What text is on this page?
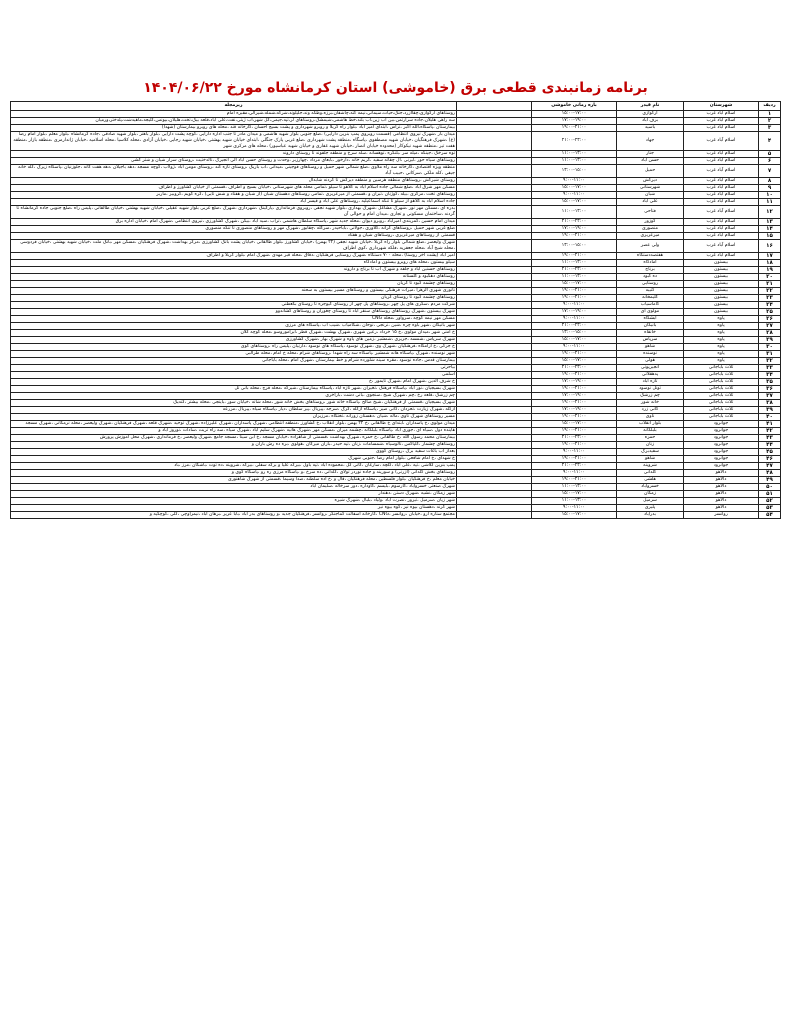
برنامه زمانبندی قطعی برق (خاموشی) استان کرمانشاه مورخ ۱۴۰۴/۰۶/۲۲
ردیف	شهرستان	نام فیدر	بازه زمانی خاموشی		زیرمجله
۱	اسلام آباد غرب	ارکوازی	۱۵:۰۰-۱۷:۰۰		روستاهای ارکوازی،چقاازرد،جنگ،حیات،سیمانی،نیمه کته،چاشفان،برزه،وظگه وند،جلیلوند،شرکه،شمله،شیرالی،مقبره امام
۲	اسلام آباد غرب	برف آباد	۱۷:۰۰-۱۹:۰۰		سه راهی هلیلان،جاده سرارتمن،بین آب زین،آب بلند،خط هاشمی،شیمشک،روستاهای لر،تپه،جیمی،گل شهر،آب ژیتی،نفت،علی آباد،قلعه بیگ،تخت،هلیلان،بیونس،کلیجه،ماهیدشت،پلدختر،ورمیان
۳	اسلام آباد غرب	باسید	۱۹:۰۰-۲۱:۰۰		بیمارستان ،پاسگاه،الله اکبر ،تراس ،ابتدای امیر آباد ،بلوار راه کربلا و روبرو شهرداری و پشت بسیج احسان ،کارخانه قند ،محله های روبرو بیمارستان (شهدا)
۴	اسلام آباد غرب	جهاد	۲۱:۰۰-۲۳:۰۰		میدان بار ،شهرک نیروی انتظامی (قسمت روبروی پمپ بنزین دارایی) ،ضلع جنوبی بلوار شهید هاشمی و میدان مادر تا جنب اداره دارایی ،کوچه پشت دارایی ،بلوار باهنر ،بلوار شهید صادقی ،جاده کرمانشاه ،بلوار معلم ،بلوار امام رضا (ع) ،شهرک فرهنگیان ،خیابان شهید مصطفوی ،پاسگاه ،منطقه پشت شهرداری ،ضلع غربی پارک جنگلی ،ابتدای خیابان شهید بهشتی ،خیابان شهید رجایی ،خیابان آزادی ،محله کلاسیا ،محله اسلامیه ،خیابان ژاندارمری ،منطقه بازار ،منطقه هفت تیر ،منطقه شهید نیکوکار (محدوده خیابان انصار ،خیابان شهید غفاری و خیابان شهید عباسپور) ،محله های مرکزی شهر
۵	اسلام آباد غرب	جنار	۱۱:۰۰-۱۳:۰۰		توه سرخک ،جینگه ،میله سر ،بلنگره ،توهسانه ،سله سرخ و منطقه جلفوند تا روستای داروند
۶	اسلام آباد غرب	حسن آباد	۱۱:۰۰-۱۳:۰۰		روستاهای سیاه حور ،لیرنی ،ال چقاته سفید ،کریم خانه ،دارخور ،بابعای مرداد ،چهارزبر ،وحدت و روستای حسن آباد الی انجیرک ،تالدختیت ،روستای سرار شیان و شتر کشی
۷	اسلام آباد غرب	حمیل	۱۳:۰۰-۱۵:۰۰		منطقه ویژه اقتصادی ،کارخانه سه راه ملاوی ،ضلع شمالی شهر حمیل و روستاهای فوجینی ،میدانی ،آب باریک ،روستای تازه کند ،روستای مومن آباد ،ژولاب ،کوچه مسجد ،دهه باجیلان ،دهه هفت گانه ،جلوزنیان ،پاسگاه زیرک ،کله خانه جیفی ،کله ملکی ،سرکانی ،حبیب آباد
۸	اسلام آباد غرب	دیرکش	۹:۰۰-۱۱:۰۰		روستای شیرکش ،روستاهای منطقه هرسین و منطقه دیرکش تا گردنه شابدال
۹	اسلام آباد غرب	شهرستانی	۱۵:۰۰-۱۷:۰۰		مسکن مهر شرق آباد ،ضلع شمالی جاده اسلام آباد به کلاهو تا سیلو ،تمامی محله های شهرستانی ،خیابان بسیج و اطراف ،قسمتی از خیابان کشاورز و اطراف
۱۰	اسلام آباد غرب	شبان	۹:۰۰-۱۱:۰۰		روستاهای تخت ،مرکزی ،بیله ،گوژنان ،تبران و ،قسمتی از میرعزیزی ،تمامی روستاهای دهستان شبان (از شبان و هفتاد و شش تایی) ،کره کویم ،گزوبیز ،ماربر
۱۱	اسلام آباد غرب	علی آباد	۱۵:۰۰-۱۷:۰۰		جاده اسلام آباد به کلاهو از سیلو تا تنگه اسماعیلیه ،روستاهای علی آباد و قیسر آباد
۱۲	اسلام آباد غرب	فتاحی	۱۱:۰۰-۱۳:۰۰		بدره ای ،مسکن مهر نور ،شهرک مشاغل ،شهرک بهداری ،بلوار شهید نجفی ،روبروی فرمانداری ،پارکینگ ،شهرداری ،شهرک ،ضلع غربی بلوار شهید عقیلی ،خیابان شهید بهشتی ،خیابان طالقانی ،پلیس راه ،ضلع جنوبی جاده کرمانشاه تا گردنه ،ساختمان مسکونی و تجاری ،میدان امام و حوالی آن
۱۳	اسلام آباد غرب	کوزور	۲۱:۰۰-۲۳:۰۰		میدان امام حسین ،کمربندی امیرآباد ،روبرو دیوان ،محله جدید شهر ،پاسگاه سلطان هاشمی ،تراب ،سید آباد ،بیکن ،شهرک کشاورزی ،نیروی انتظامی ،شهرک امام ،خیابان اداره برق
۱۴	اسلام آباد غرب	منصوری	۱۷:۰۰-۱۹:۰۰		ضلع غربی شهر حمیل ،روستاهای کرانه ،کلاوری ،جولانی ،باباحیدر ،سرکله ،چقابور ،شهرک مهر و روستاهای منصوری تا تنگه منصوری
۱۵	اسلام آباد غرب	میرعزیزی	۱۹:۰۰-۲۱:۰۰		قسمتی از روستاهای میرعزیزی ،روستاهای شیان و هفتاد
۱۶	اسلام آباد غرب	ولی عصر	۱۳:۰۰-۱۵:۰۰		شهرک ولیعصر ،ضلع شمالی بلوار راه کربلا ،خیابان شهید نجفی (۲۲ بهمن) ،خیابان کشاورز ،بلوار طالقانی ،خیابان پشت بانک کشاورزی ،مرکز بهداشت ،شهرک فرهنگیان ،مسکن مهر ،بانک ملت ،خیابان شهید بهشتی ،خیابان فردوسی ،محله شیخ آباد ،محله جعفریه ،فلکه شهرداری ،کوی اطراف
۱۷	اسلام آباد غرب	هفتصددستگاه	۱۹:۰۰-۲۱:۰۰		امیر آباد (پشت آخر روستا) ،محله ۷۰۰ دستگاه ،شهرک روستایی فرهنگیان ،دقاق ،محله قبر مهدی ،شهرک امام ،بلوار کربلا و اطراف
۱۸	بیستون	آمادگاه	۱۱:۰۰-۱۳:۰۰		سیلو بیستون ،محله های روبرو بیستون و آمادگاه
۱۹	بیستون	برناج	۲۱:۰۰-۲۳:۰۰		روستاهای حسنین آباد و جلفه و شهرک آب تا برناج و داروند
۲۰	بیستون	ده کبود	۱۱:۰۰-۱۳:۰۰		روستاهای دهکبود و گلستانه
۲۱	بیستون	روستایی	۱۵:۰۰-۱۷:۰۰		روستاهای چشمه کبود تا کریان
۲۲	بیستون	کتیبه	۱۹:۰۰-۲۱:۰۰		نانوری شهری الزهرا ،میرات فرهنگی بیستون و روستاهای مسیر بیستون به سحنه
۲۳	بیستون	کلیمخانه	۱۹:۰۰-۲۱:۰۰		روستاهای چشمه کبود تا روستای کریان
۲۴	بیستون	گاماسیاب	۹:۰۰-۱۱:۰۰		شرکت مردم ،سکری های پل چهر ،روستاهای پل چهر از روستای گیوجره تا روستای بکعطنی
۲۵	بیستون	مولوی ای	۱۷:۰۰-۱۹:۰۰		شهرک بیستون ،شهرک روستاهای روستاهای سنقر اباد تا روستای چغوران و روستاهای کشاندوو
۲۶	پاوه	آبشگاه	۹:۰۰-۱۱:۰۰		مسکن مهر نیمه کوچه ،سرواور ،محله CNG
۲۷	پاوه	بانیکان	۲۱:۰۰-۲۳:۰۰		شهر بانیکان ،شهر باوه چره ،شین ،نرنجی ،نوحان ،شکامیاب ،شیب آب ،پاسگاه های مرزی
۲۸	پاوه	خانقاه	۱۳:۰۰-۱۵:۰۰		خ امنی شهر ،میدان مولوی ،خ ۱۵ خرداد ،رعین شهری ،شهرک بهشت ،شهرک قطر ،ابراموروسو ،محله کوچه کلان
۲۹	پاوه	سرپاس	۱۵:۰۰-۱۷:۰۰		شهرک سرپاس ،شمسه ،جزیزی ،شمشیر ،زمین های پاوه و شهرک بهار ،شهرک کشاورزی
۳۰	پاوه	شاهو	۹:۰۰-۱۱:۰۰		خ جرکی ،خ ارامگاه ،فرهنگیان ،شهرک وی ،شهرک نوسود ،پاسگاه های نوسود ،دارنیان ،پلیس راه ،روستاهای کوی
۳۱	پاوه	نوسنده	۱۹:۰۰-۲۱:۰۰		شهر نوسنده ،شهرک ،پاسگاه هانه شمشیر ،پاسگاه سه راه شهدا ،روستاهای شرام ،محله خ امام ،محله طرالبی
۳۲	پاوه	هولی	۱۵:۰۰-۱۷:۰۰		بیمارستان قدس ،جاده نوسود ،مقره سینه شلورده شرام و خط بیمارستان ،شهرک امام ،محله باباجانی
۳۳	ثلاث باباجانی	انجیرپوتی	۲۱:۰۰-۲۳:۰۰		بیاحرتی
۳۴	ثلاث باباجانی	پدهقلاتی	۱۹:۰۰-۲۱:۰۰		اسلمی
۳۵	ثلاث باباجانی	تازه آباد	۱۷:۰۰-۱۹:۰۰		خ شرف الدین ،شهرک امام ،شهرک تایمور ،خ
۳۶	ثلاث باباجانی	تونل نوسود	۱۹:۰۰-۲۱:۰۰		شهرک بسیجیان ،نور آباد ،پاسگاه فرهنگ ،تخیزان ،شهر تازه آباد ،پاسگاه بیمارستان ،شیرکه ،محله فرج ،محله بانی تل
۳۷	ثلاث باباجانی	چم زرشک	۱۷:۰۰-۱۹:۰۰		چم زرشک ،قلعه رخ ،چم ،شهرک شیخ ،سنجوی ،بانی دشت ،باراخری
۳۸	ثلاث باباجانی	خانه شور	۱۹:۰۰-۲۱:۰۰		شهرک بسیجیان ،قسمتی از فرهنگیان ،شیخ صالح ،پاسگاه خانه شور ،روستاهای بخش خانه شور ،محله شانه ،خیابان سور ،باینجی ،محله بیشتر ،گندیک
۳۹	ثلاث باباجانی	کانی زرد	۱۷:۰۰-۱۹:۰۰		ازگله ،شهرک زیارت ،تحردان ،کانی صیر ،پاسگاه ازگله ،گزک ،سرجه ،پیربال ،پیر سلطان ،دیار ،پاسگاه سیاه ،پیربال ،مزرعه
۴۰	ثلاث باباجانی	ناوی	۱۹:۰۰-۲۱:۰۰		مسیر روستاهای شهرک ناوی ،ماله ،شیان ،دهستان زورانه ،تختگاه ،مرزیزان
۴۱	جوانرود	بلوار انقلاب	۱۵:۰۰-۱۷:۰۰		میدان مولوی ،خ پاسداران ،ابتدای خ طالقانی ،خ ۲۲ بهمن ،بلوار انقلاب ،خ کشاورز ،منطقه انتظامی ،شهرک پاسداران ،شهرک علیرزاده ،شهرک توحید ،شهرک قلعه ،شهرک فرهنگیان ،شهرک ولیعصر ،محله نرمکانی ،شهرک مسجد
۴۲	جوانرود	بلبلکانه	۱۹:۰۰-۲۱:۰۰		هاینده دول ،سیاه ای ،جوری اباد ،پاسگاه بلبلکانه ،چشمه میران ،مسکن مهر ،شهرک هانیه ،شهرک سلیم اباد ،شهرک سیاه ،سه راه تربت ،سادات ،نوروز اباد و
۴۳	جوانرود	حمزه	۲۱:۰۰-۲۳:۰۰		بیمارستان محمد رسول الله ،خ طالقانی ،خ حمزه ،شهرک بهداشت ،قسمتی از شاهزاده ،خیابان مسجد ،خ ابن سینا ،مسجد جامع ،شهرک ولیعصر ،خ فرمانداری ،شهرک محل آموزش پرورش
۴۴	جوانرود	زنان	۱۹:۰۰-۲۱:۰۰		روستاهای چشمار ،گلپاکس ،تالوسیاه ،شمسامات ،زنان ،تپه حیدر ،باران میرکان ،هولوی ،بره ده رش باران و
۴۵	جوانرود	سفیدبرگ	۹:۰۰-۱۱:۰۰		بعداز آب باغات سفید برگ ،روستای کووی
۴۶	جوانرود	شاهو	۱۹:۰۰-۲۱:۰۰		خ شهدای ،خ امام شافعی ،بلوار امام رضا ،جنوبی شهرک
۴۷	جوانرود	شروینه	۲۱:۰۰-۲۳:۰۰		یمپ بنزین کلاشی ،تپه ،علی اباد ،کلچه ،سارغان ،کانی گل ،محموده اباد ،تپه باول ،بیرکه علیا و برگه سفلی ،بیرکه ،شروینه ،ده توت ،باشگان ،مرز ،باد
۴۸	دالاهو	گلدانی	۹:۰۰-۱۱:۰۰		روستاهای بخش گلدانی (ازرنی) و سوریند و جاده نوردر تولای ،گلدانی ،ده سرخ ،و ،پاسگاه مرزی ره رو ،پاسگاه کوی و
۴۹	دالاهو	هلشی	۱۹:۰۰-۲۱:۰۰		خیابان معلم ،خ فرهنگیان ،بلوار فلسطین ،محله فرهنگیان ،قال و ،خ اده سلطنه ،صدا وسیما ،قسمتی از شهرک شاهنوری
۵۰	دالاهو	خسروآباد	۱۱:۰۰-۱۳:۰۰		شهرک صنعتی خسروآباد ،کارسوم ،بلیسم ،گاوداره ،دور سرخاله ،سلیمان آباد
۵۱	دالاهو	زمکان	۱۵:۰۰-۱۷:۰۰		شهر زمکان ،نشیه ،شهرک دستن ،دهندار
۵۲	دالاهو	سرمیل	۱۱:۰۰-۱۳:۰۰		شهر زیان ،سرمیل ،تیزور ،نصرت آباد ،ولیاد ،بلبال ،شهرک شیزه
۵۳	دالاهو	پلیری	۹:۰۰-۱۱:۰۰		شهر کرند ،دهستان بیوه نیز ،کوه بیوه نیز
۵۴	روانسر	بدرآباد	۱۵:۰۰-۱۷:۰۰		مجتمع ستاره آرو ،خیابان ،روانسر ،CNG ،کارخانه آسفالت کماجنگر ،روانسر ،فرهنگیان جدید ،و روستاهای بدر آباد ،بابا عزیز ،برهان آباد ،نیمزاوچی ،گلی ،کوچکیه و
